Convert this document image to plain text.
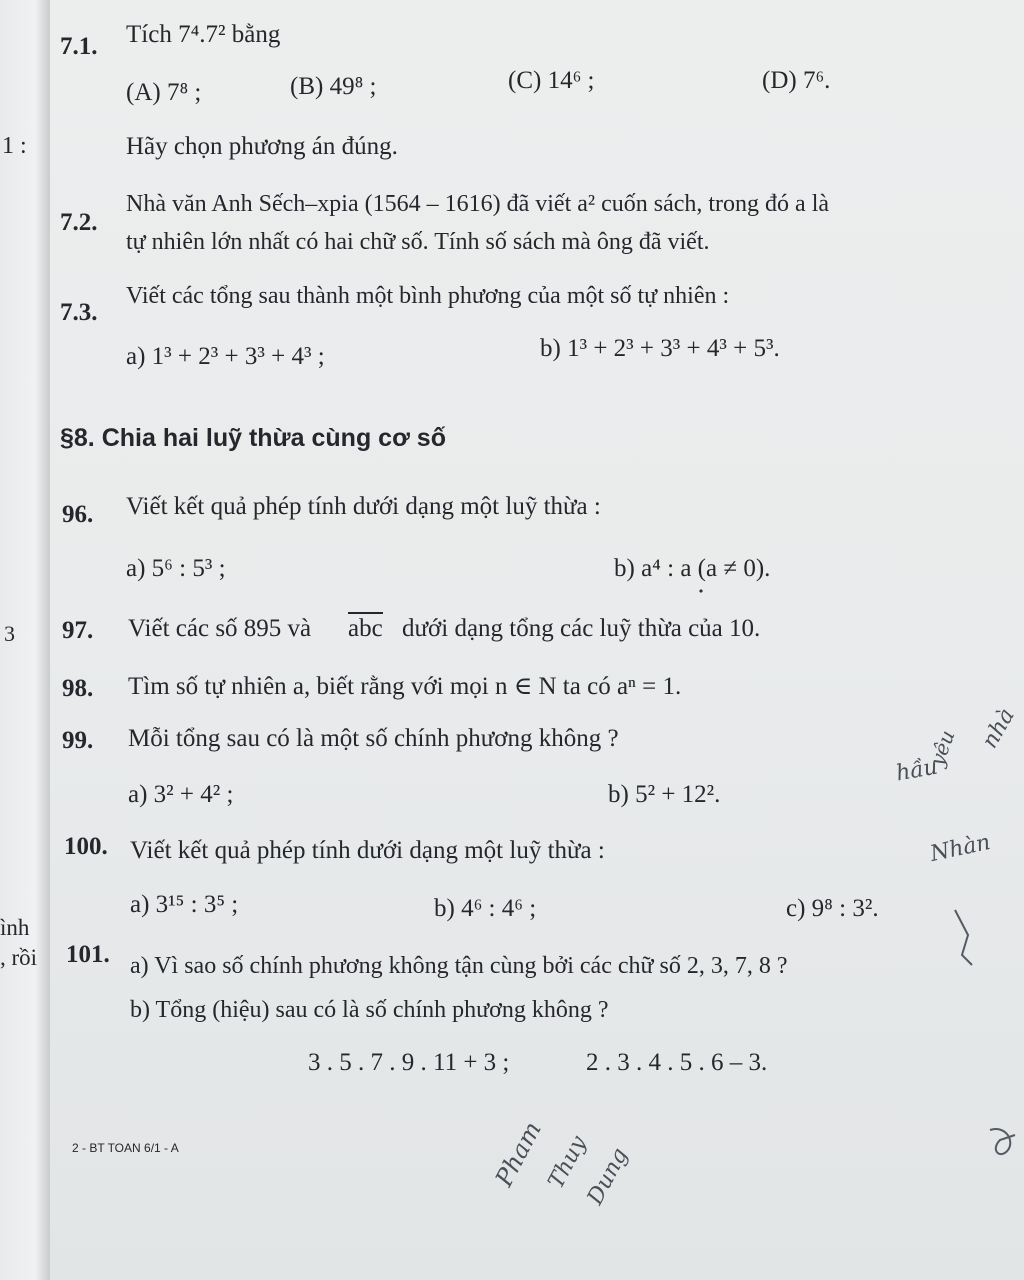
1 :
3
ình
, rồi
7.1. Tích 7⁴.7² bằng
(A) 7⁸ ;	(B) 49⁸ ;	(C) 14⁶ ;	(D) 7⁶.
Hãy chọn phương án đúng.
7.2.
Nhà văn Anh Sếch–xpia (1564 – 1616) đã viết a² cuốn sách, trong đó a là
tự nhiên lớn nhất có hai chữ số. Tính số sách mà ông đã viết.
7.3.
Viết các tổng sau thành một bình phương của một số tự nhiên :
a) 1³ + 2³ + 3³ + 4³ ;	b) 1³ + 2³ + 3³ + 4³ + 5³.
§8. Chia hai luỹ thừa cùng cơ số
96. Viết kết quả phép tính dưới dạng một luỹ thừa :
a) 5⁶ : 5³ ;	b) a⁴ : a (a ≠ 0).
97. Viết các số 895 và abc dưới dạng tổng các luỹ thừa của 10.
98. Tìm số tự nhiên a, biết rằng với mọi n ∈ N ta có aⁿ = 1.
99. Mỗi tổng sau có là một số chính phương không ?
a) 3² + 4² ;	b) 5² + 12².
100. Viết kết quả phép tính dưới dạng một luỹ thừa :
a) 3¹⁵ : 3⁵ ;	b) 4⁶ : 4⁶ ;	c) 9⁸ : 3².
101. a) Vì sao số chính phương không tận cùng bởi các chữ số 2, 3, 7, 8 ?
b) Tổng (hiệu) sau có là số chính phương không ?
3 . 5 . 7 . 9 . 11 + 3 ;	2 . 3 . 4 . 5 . 6 – 3.
2 - BT TOAN 6/1 - A
hầu
nhà
yêu
Nhàn
Pham
Thuy
Dung
